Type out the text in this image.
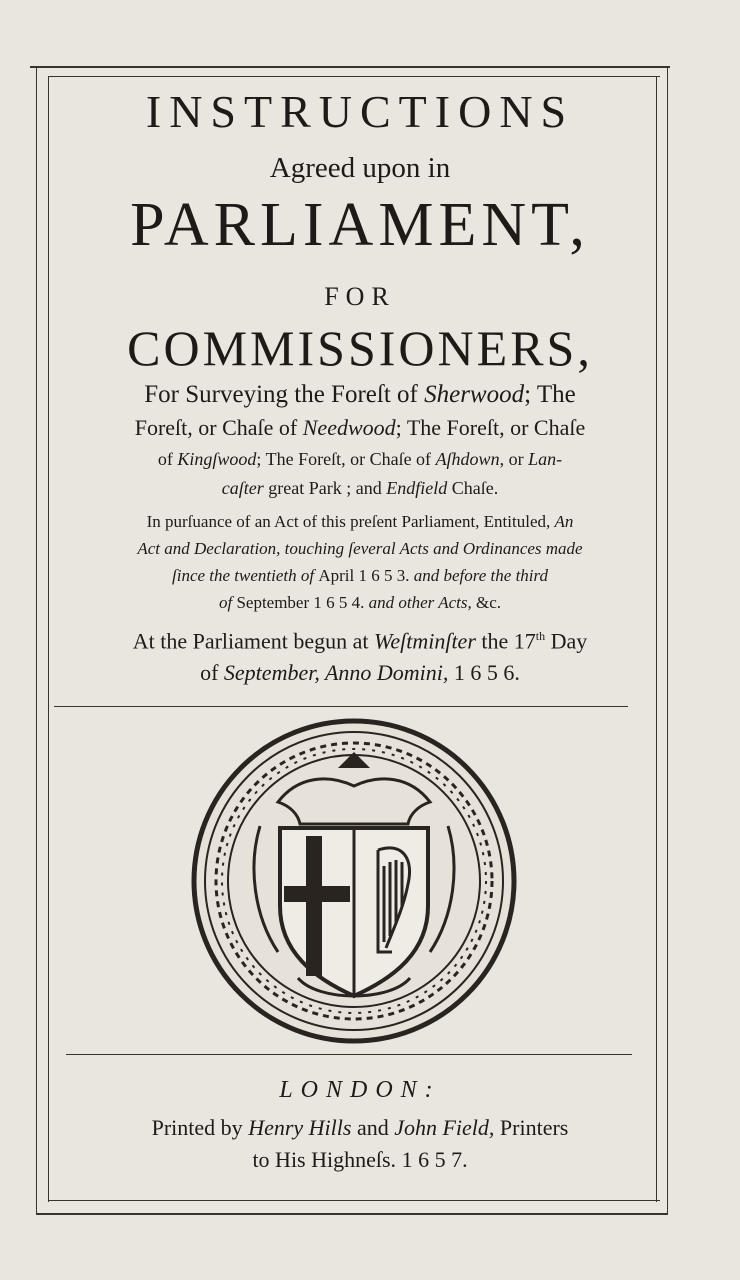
INSTRUCTIONS
Agreed upon in
PARLIAMENT,
FOR
COMMISSIONERS,
For Surveying the Foreſt of Sherwood; The
Foreſt, or Chaſe of Needwood; The Foreſt, or Chaſe
of Kingſwood; The Foreſt, or Chaſe of Aſhdown, or Lan-
caſter great Park ; and Endfield Chaſe.
In purſuance of an Act of this preſent Parliament, Entituled, An
Act and Declaration, touching ſeveral Acts and Ordinances made
ſince the twentieth of April 1 6 5 3. and before the third
of September 1 6 5 4. and other Acts, &c.
At the Parliament begun at Weſtminſter the 17th Day
of September, Anno Domini, 1 6 5 6.
LONDON:
Printed by Henry Hills and John Field, Printers
to His Highneſs. 1 6 5 7.
